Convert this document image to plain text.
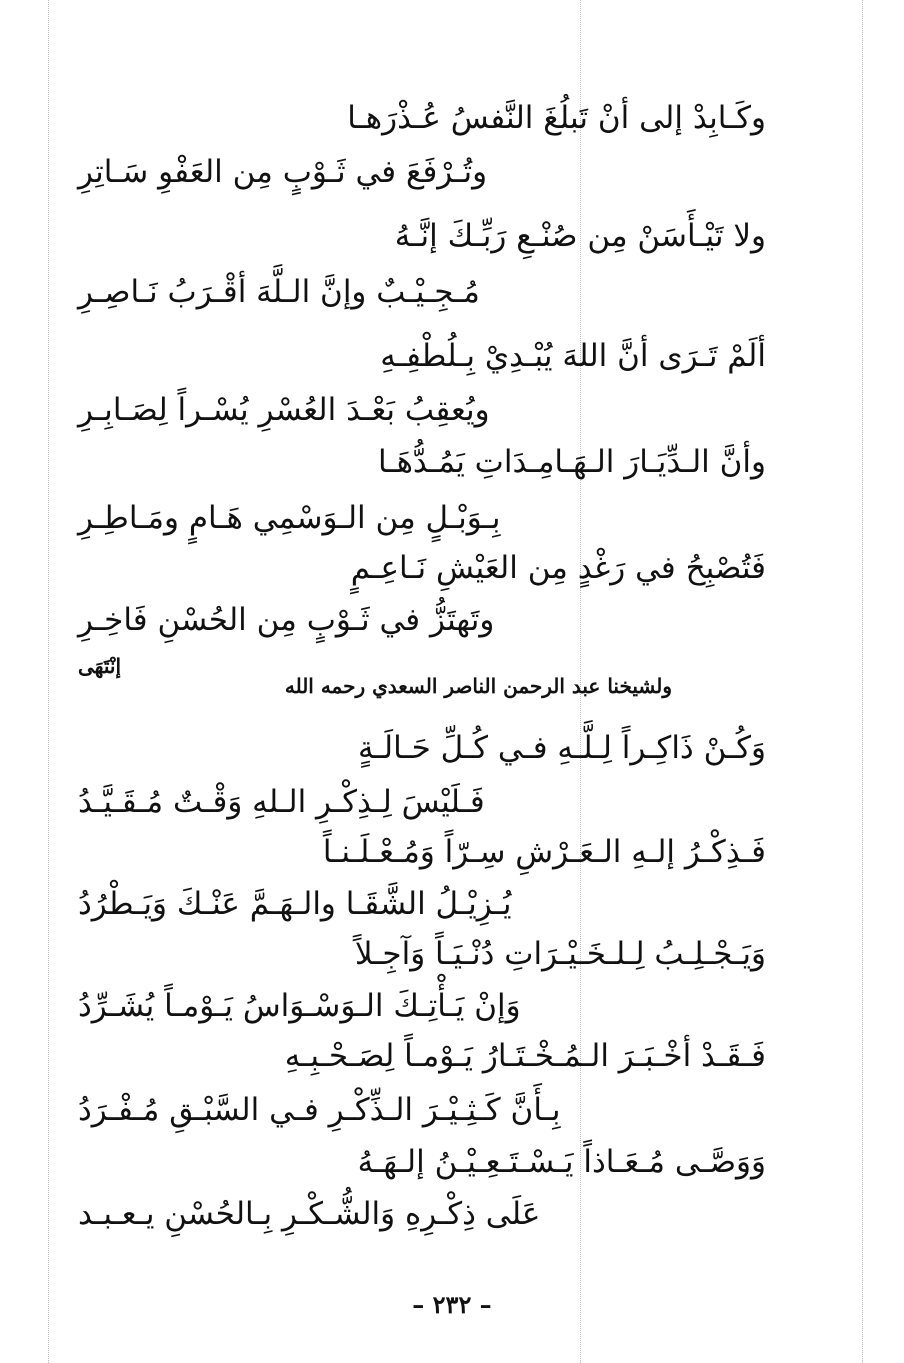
وكَـابِدْ إلى أنْ تَبلُغَ النَّفسُ عُـذْرَهـا
وتُـرْفَعَ في ثَـوْبٍ مِن العَفْوِ سَـاتِرِ
ولا تَيْـأَسَنْ مِن صُنْـعِ رَبِّـكَ إنَّـهُ
مُـجِـيْـبٌ وإنَّ الـلَّهَ أقْـرَبُ نَـاصِـرِ
ألَمْ تَـرَى أنَّ اللهَ يُبْـدِيْ بِـلُطْفِـهِ
ويُعقِبُ بَعْـدَ العُسْرِ يُسْـراً لِصَـابِـرِ
وأنَّ الـدِّيَـارَ الـهَـامِـدَاتِ يَمُـدُّهَـا
بِـوَبْـلٍ مِن الـوَسْمِي هَـامٍ ومَـاطِـرِ
فَتُصْبِحُ في رَغْدٍ مِن العَيْشِ نَـاعِـمٍ
وتَهتَزُّ في ثَـوْبٍ مِن الحُسْنِ فَاخِـرِ
إنْتَهَى
ولشيخنا عبد الرحمن الناصر السعدي رحمه الله
وَكُـنْ ذَاكِـراً لِـلَّـهِ فـي كُـلِّ حَـالَـةٍ
فَـلَيْسَ لِـذِكْـرِ الـلهِ وَقْـتٌ مُـقَـيَّـدُ
فَـذِكْـرُ إلـهِ الـعَـرْشِ سِـرّاً وَمُـعْـلَـنـاً
يُـزِيْـلُ الشَّقَـا والـهَـمَّ عَنْـكَ وَيَـطْرُدُ
وَيَـجْـلِـبُ لِـلـخَـيْـرَاتِ دُنْـيَـاً وَآجِـلاً
وَإنْ يَـأْتِـكَ الـوَسْـوَاسُ يَـوْمـاً يُشَـرِّدُ
فَـقَـدْ أخْـبَـرَ الـمُـخْـتَـارُ يَـوْمـاً لِصَـحْـبِـهِ
بِـأَنَّ كَـثِـيْـرَ الـذِّكْـرِ فـي السَّبْـقِ مُـفْـرَدُ
وَوَصَّـى مُـعَـاذاً يَـسْـتَـعِـيْـنُ إلـهَـهُ
عَلَى ذِكْـرِهِ وَالشُّـكْـرِ بِـالحُسْنِ يـعـبـد
– ٢٣٢ –
